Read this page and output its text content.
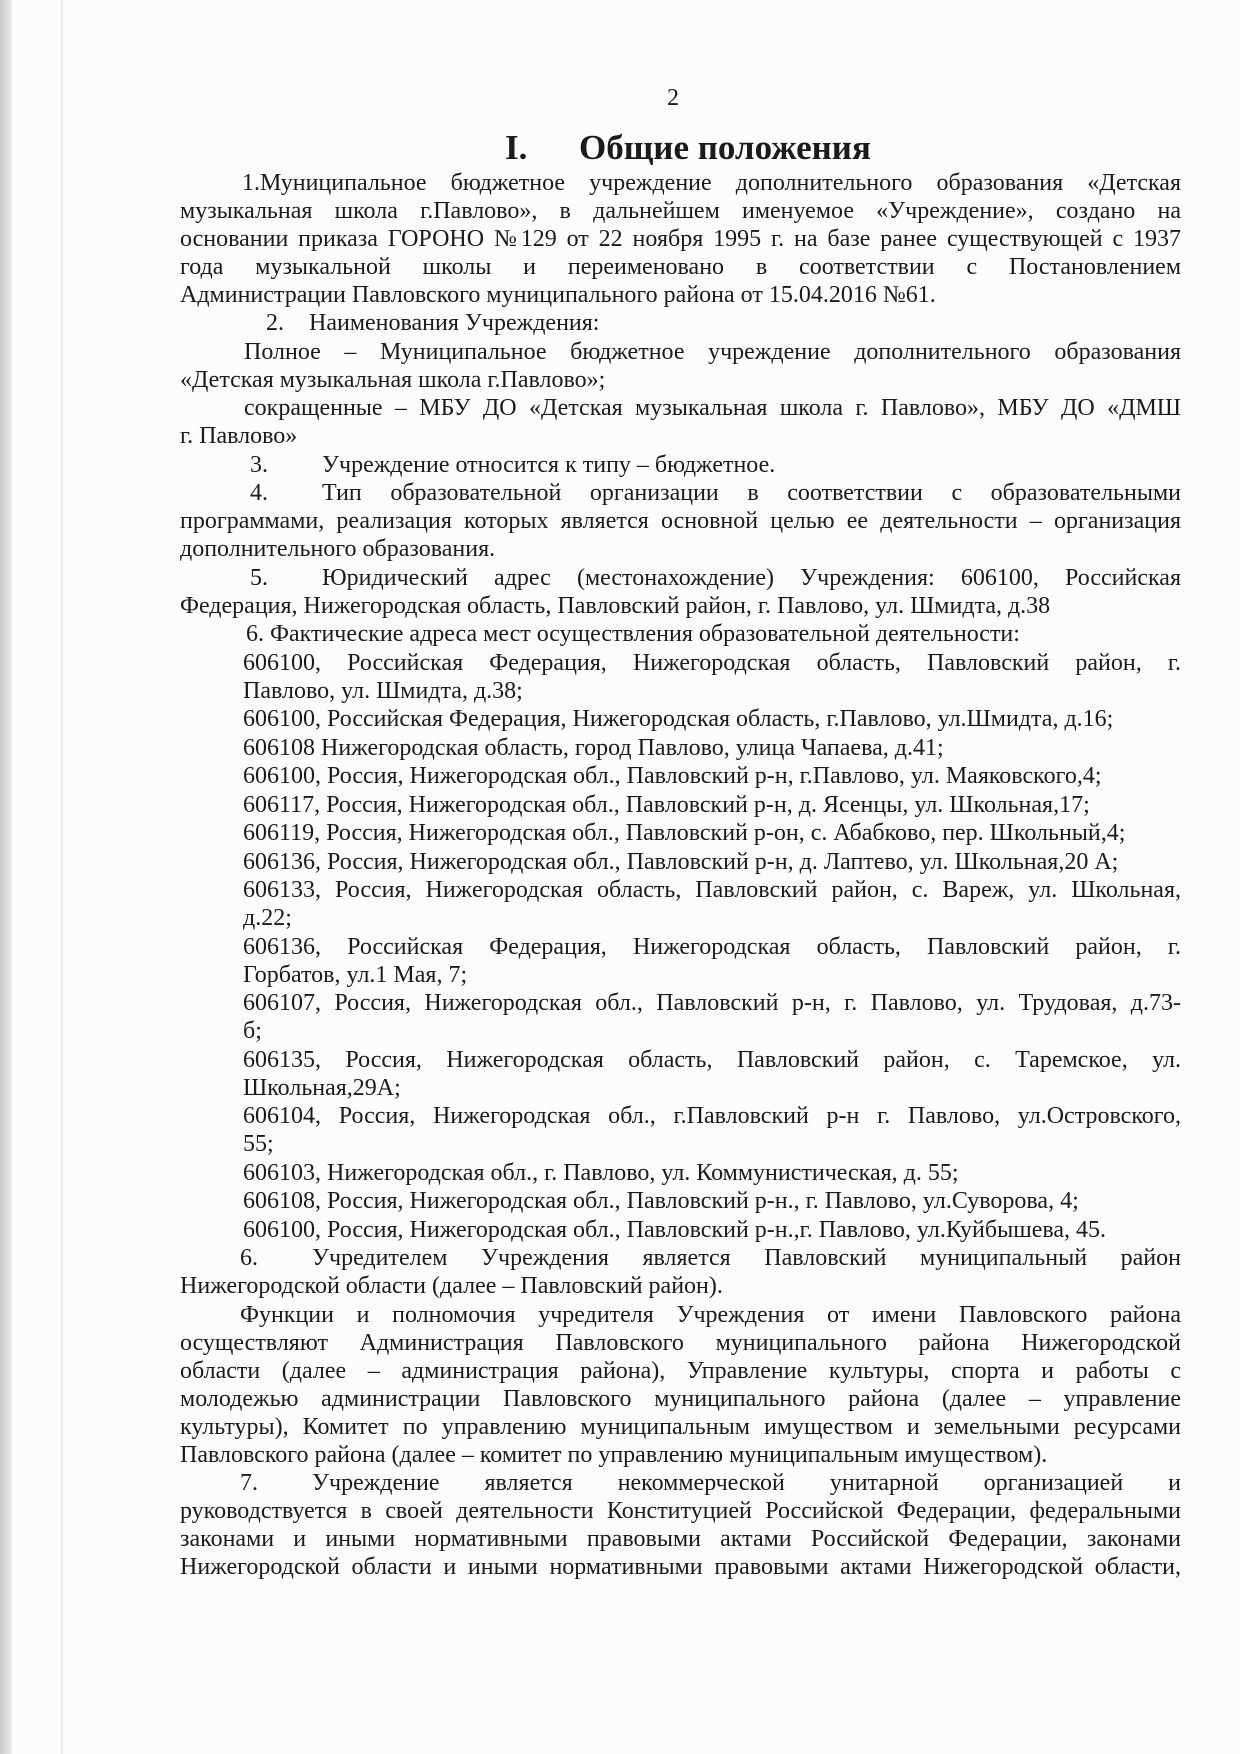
2
I. Общие положения
1.Муниципальное бюджетное учреждение дополнительного образования «Детская
музыкальная школа г.Павлово», в дальнейшем именуемое «Учреждение», создано на
основании приказа ГОРОНО №129 от 22 ноября 1995 г. на базе ранее существующей с 1937
года музыкальной школы и переименовано в соответствии с Постановлением
Администрации Павловского муниципального района от 15.04.2016 №61.
2.	Наименования Учреждения:
Полное – Муниципальное бюджетное учреждение дополнительного образования
«Детская музыкальная школа г.Павлово»;
сокращенные – МБУ ДО «Детская музыкальная школа г. Павлово», МБУ ДО «ДМШ
г. Павлово»
3.	Учреждение относится к типу – бюджетное.
4.	Тип образовательной организации в соответствии с образовательными
программами, реализация которых является основной целью ее деятельности – организация
дополнительного образования.
5.	Юридический адрес (местонахождение) Учреждения: 606100, Российская
Федерация, Нижегородская область, Павловский район, г. Павлово, ул. Шмидта, д.38
6. Фактические адреса мест осуществления образовательной деятельности:
606100, Российская Федерация, Нижегородская область, Павловский район, г.
Павлово, ул. Шмидта, д.38;
606100, Российская Федерация, Нижегородская область, г.Павлово, ул.Шмидта, д.16;
606108 Нижегородская область, город Павлово, улица Чапаева, д.41;
606100, Россия, Нижегородская обл., Павловский р-н, г.Павлово, ул. Маяковского,4;
606117, Россия, Нижегородская обл., Павловский р-н, д. Ясенцы, ул. Школьная,17;
606119, Россия, Нижегородская обл., Павловский р-он, с. Абабково, пер. Школьный,4;
606136, Россия, Нижегородская обл., Павловский р-н, д. Лаптево, ул. Школьная,20 А;
606133, Россия, Нижегородская область, Павловский район, с. Вареж, ул. Школьная,
д.22;
606136, Российская Федерация, Нижегородская область, Павловский район, г.
Горбатов, ул.1 Мая, 7;
606107, Россия, Нижегородская обл., Павловский р-н, г. Павлово, ул. Трудовая, д.73-
б;
606135, Россия, Нижегородская область, Павловский район, с. Таремское, ул.
Школьная,29А;
606104, Россия, Нижегородская обл., г.Павловский р-н г. Павлово, ул.Островского,
55;
606103, Нижегородская обл., г. Павлово, ул. Коммунистическая, д. 55;
606108, Россия, Нижегородская обл., Павловский р-н., г. Павлово, ул.Суворова, 4;
606100, Россия, Нижегородская обл., Павловский р-н.,г. Павлово, ул.Куйбышева, 45.
6.	Учредителем Учреждения является Павловский муниципальный район
Нижегородской области (далее – Павловский район).
Функции и полномочия учредителя Учреждения от имени Павловского района
осуществляют Администрация Павловского муниципального района Нижегородской
области (далее – администрация района), Управление культуры, спорта и работы с
молодежью администрации Павловского муниципального района (далее – управление
культуры), Комитет по управлению муниципальным имуществом и земельными ресурсами
Павловского района (далее – комитет по управлению муниципальным имуществом).
7.	Учреждение является некоммерческой унитарной организацией и
руководствуется в своей деятельности Конституцией Российской Федерации, федеральными
законами и иными нормативными правовыми актами Российской Федерации, законами
Нижегородской области и иными нормативными правовыми актами Нижегородской области,
